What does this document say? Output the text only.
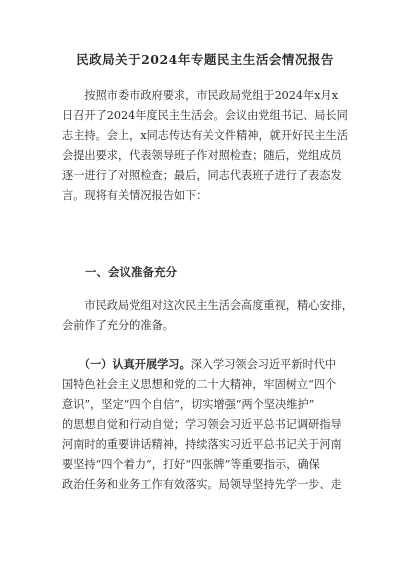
民政局关于2024年专题民主生活会情况报告

　　按照市委市政府要求，市民政局党组于2024年x月x

日召开了2024年度民主生活会。会议由党组书记、局长同

志主持。会上，x同志传达有关文件精神，就开好民主生活

会提出要求，代表领导班子作对照检查；随后，党组成员

逐一进行了对照检查；最后，同志代表班子进行了表态发

言。现将有关情况报告如下：

　　一、会议准备充分

　　市民政局党组对这次民主生活会高度重视，精心安排，

会前作了充分的准备。

　　（一）认真开展学习。深入学习领会习近平新时代中

国特色社会主义思想和党的二十大精神，牢固树立“四个

意识”，坚定“四个自信”，切实增强“两个坚决维护”

的思想自觉和行动自觉；学习领会习近平总书记调研指导

河南时的重要讲话精神，持续落实习近平总书记关于河南

要坚持“四个着力”，打好“四张牌”等重要指示，确保

政治任务和业务工作有效落实。局领导坚持先学一步、走
